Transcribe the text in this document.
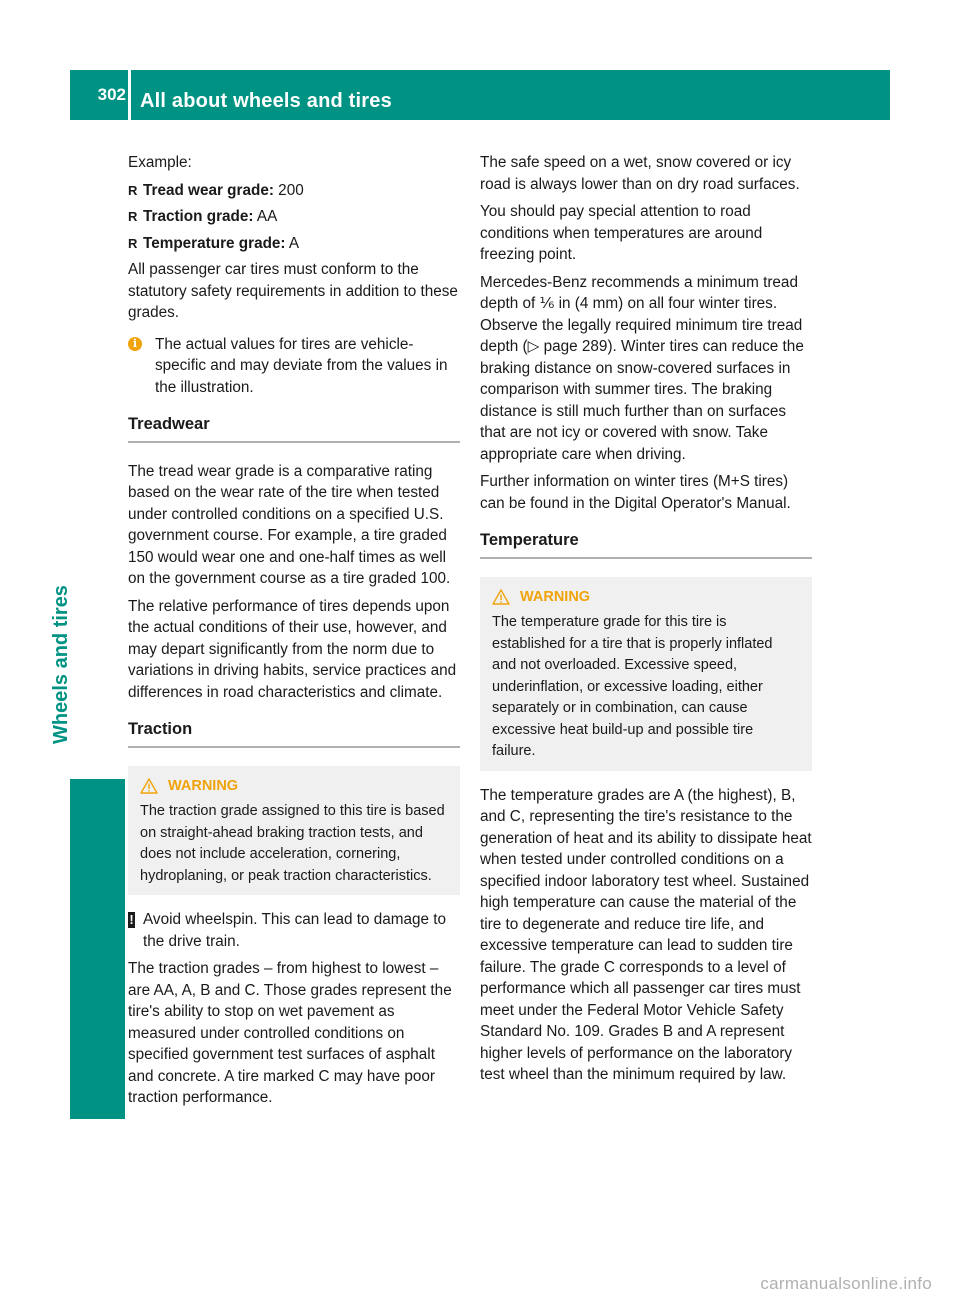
302 All about wheels and tires
Wheels and tires

Example:

R Tread wear grade: 200
R Traction grade: AA
R Temperature grade: A

All passenger car tires must conform to the statutory safety requirements in addition to these grades.

i	The actual values for tires are vehicle-specific and may deviate from the values in the illustration.
Treadwear

The tread wear grade is a comparative rating based on the wear rate of the tire when tested under controlled conditions on a specified U.S. government course. For example, a tire graded 150 would wear one and one-half times as well on the government course as a tire graded 100.

The relative performance of tires depends upon the actual conditions of their use, however, and may depart significantly from the norm due to variations in driving habits, service practices and differences in road characteristics and climate.

Traction
WARNING
The traction grade assigned to this tire is based on straight-ahead braking traction tests, and does not include acceleration, cornering, hydroplaning, or peak traction characteristics.
! Avoid wheelspin. This can lead to damage to the drive train.

The traction grades – from highest to lowest – are AA, A, B and C. Those grades represent the tire's ability to stop on wet pavement as measured under controlled conditions on specified government test surfaces of asphalt and concrete. A tire marked C may have poor traction performance.

The safe speed on a wet, snow covered or icy road is always lower than on dry road surfaces.

You should pay special attention to road conditions when temperatures are around freezing point.

Mercedes-Benz recommends a minimum tread depth of ⅙ in (4 mm) on all four winter tires. Observe the legally required minimum tire tread depth (▷ page 289). Winter tires can reduce the braking distance on snow-covered surfaces in comparison with summer tires. The braking distance is still much further than on surfaces that are not icy or covered with snow. Take appropriate care when driving.

Further information on winter tires (M+S tires) can be found in the Digital Operator's Manual.

Temperature
WARNING
The temperature grade for this tire is established for a tire that is properly inflated and not overloaded. Excessive speed, underinflation, or excessive loading, either separately or in combination, can cause excessive heat build-up and possible tire failure.

The temperature grades are A (the highest), B, and C, representing the tire's resistance to the generation of heat and its ability to dissipate heat when tested under controlled conditions on a specified indoor laboratory test wheel. Sustained high temperature can cause the material of the tire to degenerate and reduce tire life, and excessive temperature can lead to sudden tire failure. The grade C corresponds to a level of performance which all passenger car tires must meet under the Federal Motor Vehicle Safety Standard No. 109. Grades B and A represent higher levels of performance on the laboratory test wheel than the minimum required by law.

carmanualsonline.info
